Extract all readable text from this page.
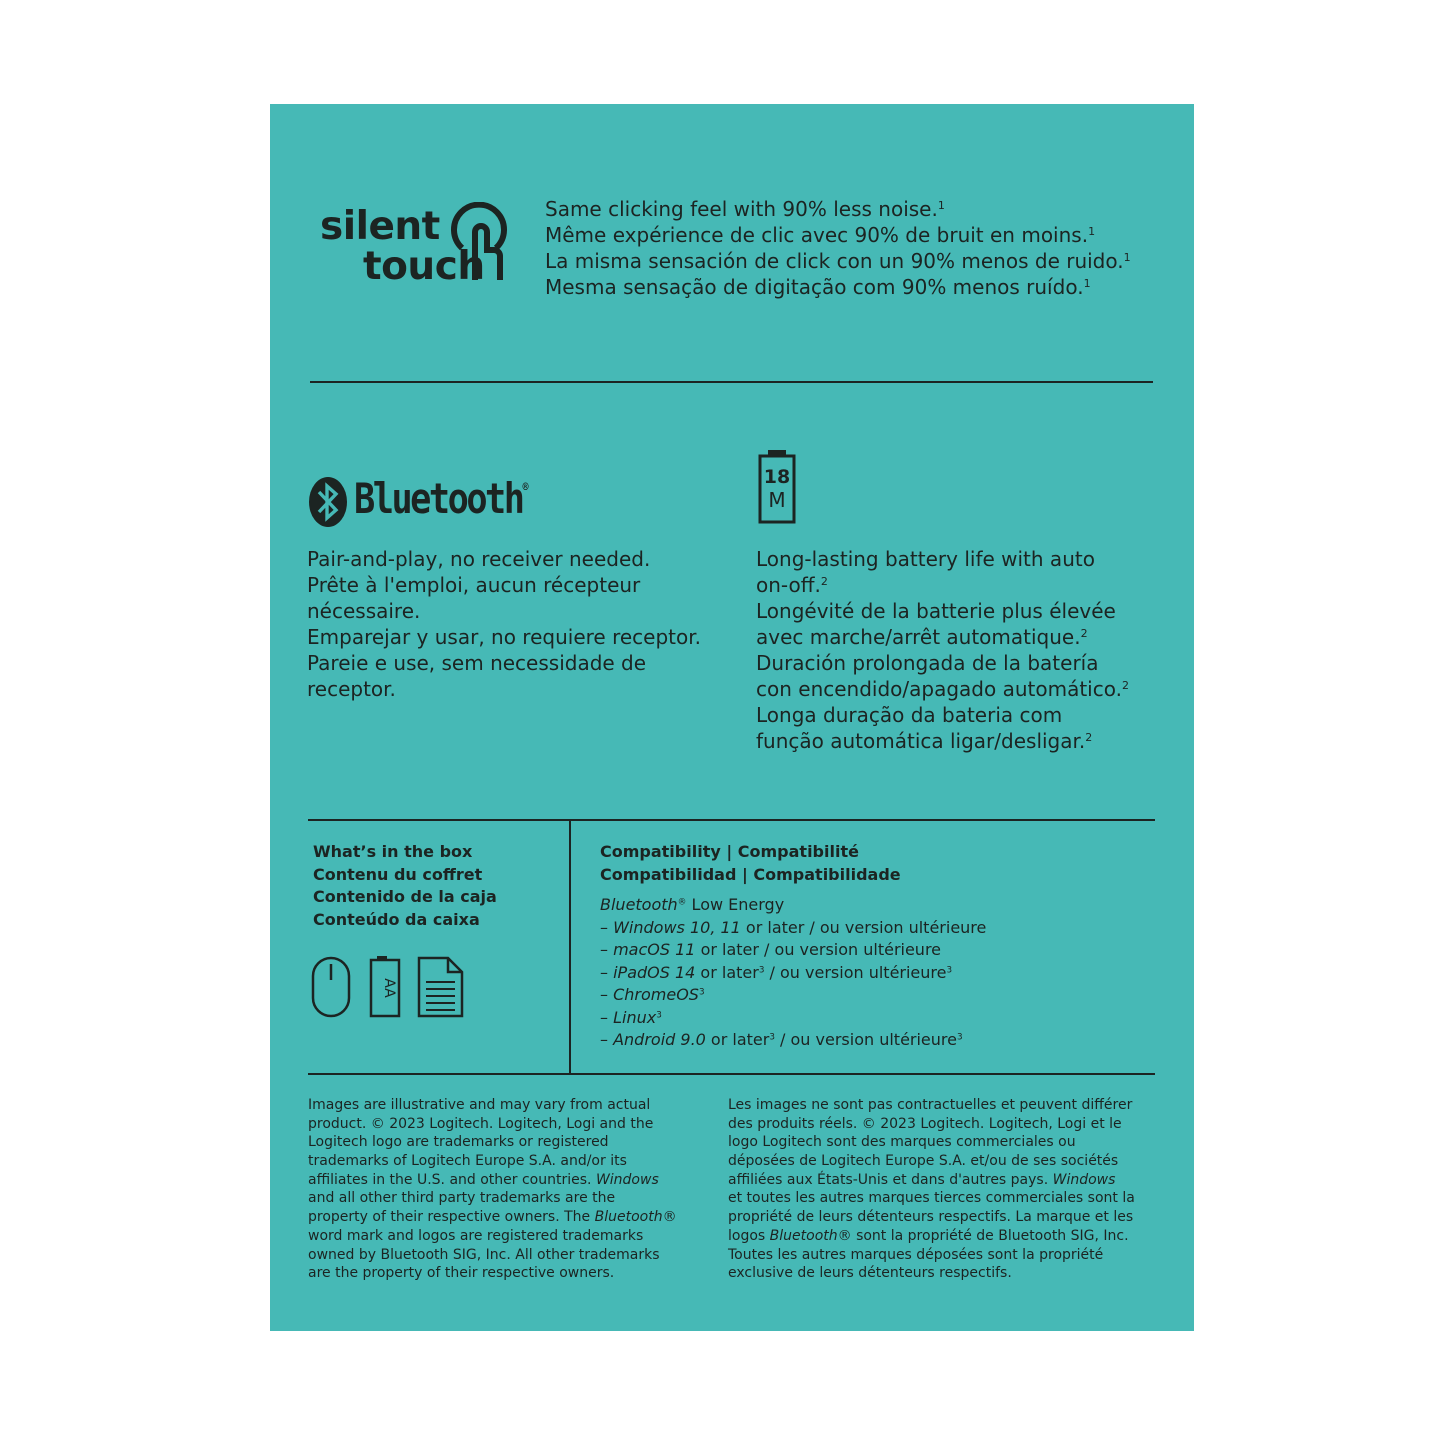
silent
touch
Same clicking feel with 90% less noise.$^1$
Même expérience de clic avec 90% de bruit en moins.$^1$
La misma sensación de click con un 90% menos de ruido.$^1$
Mesma sensação de digitação com 90% menos ruído.$^1$
Bluetooth®	18
M
Pair-and-play, no receiver needed.
Prête à l'emploi, aucun récepteur
nécessaire.
Emparejar y usar, no requiere receptor.
Pareie e use, sem necessidade de
receptor.
Long-lasting battery life with auto
on-off.$^2$
Longévité de la batterie plus élevée
avec marche/arrêt automatique.$^2$
Duración prolongada de la batería
con encendido/apagado automático.$^2$
Longa duração da bateria com
função automática ligar/desligar.$^2$
What’s in the box
Contenu du coffret
Contenido de la caja
Conteúdo da caixa
AA
Compatibility | Compatibilité
Compatibilidad | Compatibilidade
Bluetooth® Low Energy
– Windows 10, 11 or later / ou version ultérieure
– macOS 11 or later / ou version ultérieure
– iPadOS 14 or later$^3$ / ou version ultérieure$^3$
– ChromeOS$^3$
– Linux$^3$
– Android 9.0 or later$^3$ / ou version ultérieure$^3$
Images are illustrative and may vary from actual
product. © 2023 Logitech. Logitech, Logi and the
Logitech logo are trademarks or registered
trademarks of Logitech Europe S.A. and/or its
affiliates in the U.S. and other countries. Windows
and all other third party trademarks are the
property of their respective owners. The Bluetooth®
word mark and logos are registered trademarks
owned by Bluetooth SIG, Inc. All other trademarks
are the property of their respective owners.
Les images ne sont pas contractuelles et peuvent différer
des produits réels. © 2023 Logitech. Logitech, Logi et le
logo Logitech sont des marques commerciales ou
déposées de Logitech Europe S.A. et/ou de ses sociétés
affiliées aux États-Unis et dans d'autres pays. Windows
et toutes les autres marques tierces commerciales sont la
propriété de leurs détenteurs respectifs. La marque et les
logos Bluetooth® sont la propriété de Bluetooth SIG, Inc.
Toutes les autres marques déposées sont la propriété
exclusive de leurs détenteurs respectifs.
